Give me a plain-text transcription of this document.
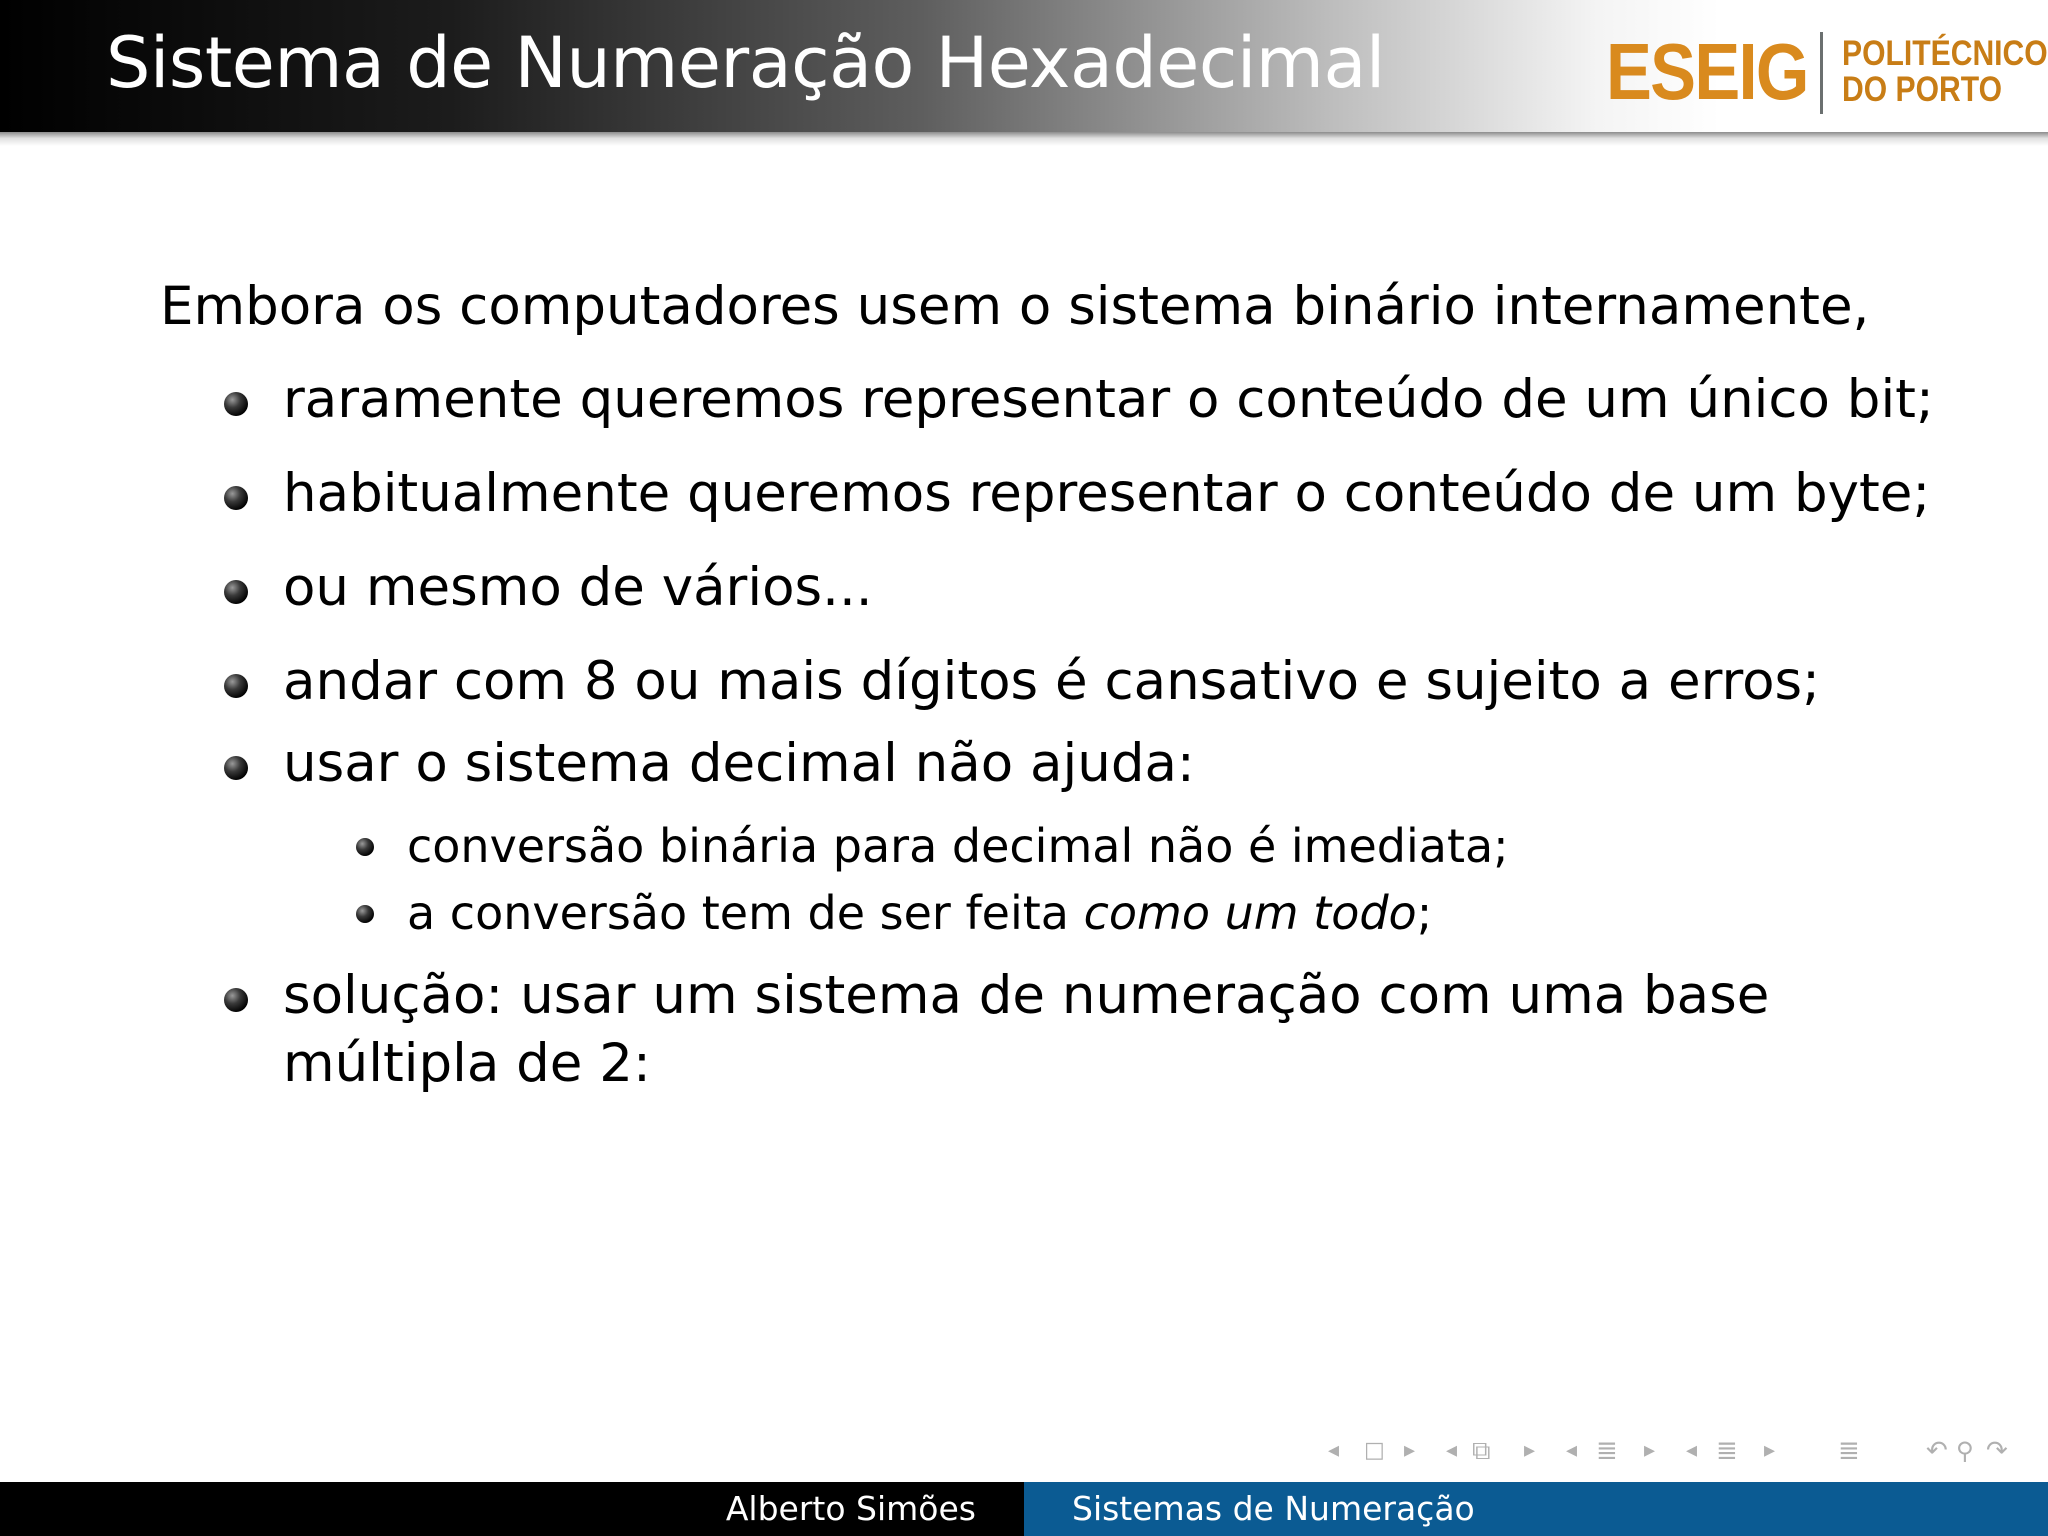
Sistema de Numeração Hexadecimal	ESEIG POLITÉCNICO
DO PORTO
Embora os computadores usem o sistema binário internamente,
raramente queremos representar o conteúdo de um único bit;
habitualmente queremos representar o conteúdo de um byte;
ou mesmo de vários...
andar com 8 ou mais dígitos é cansativo e sujeito a erros;
usar o sistema decimal não ajuda:
conversão binária para decimal não é imediata;
a conversão tem de ser feita como um todo;
solução: usar um sistema de numeração com uma base
múltipla de 2:
◂ □ ▸ ◂ ⧉ ▸ ◂ ≣ ▸ ◂ ≣ ▸ ≣	↶ ⚲ ↷
Alberto Simões	Sistemas de Numeração
